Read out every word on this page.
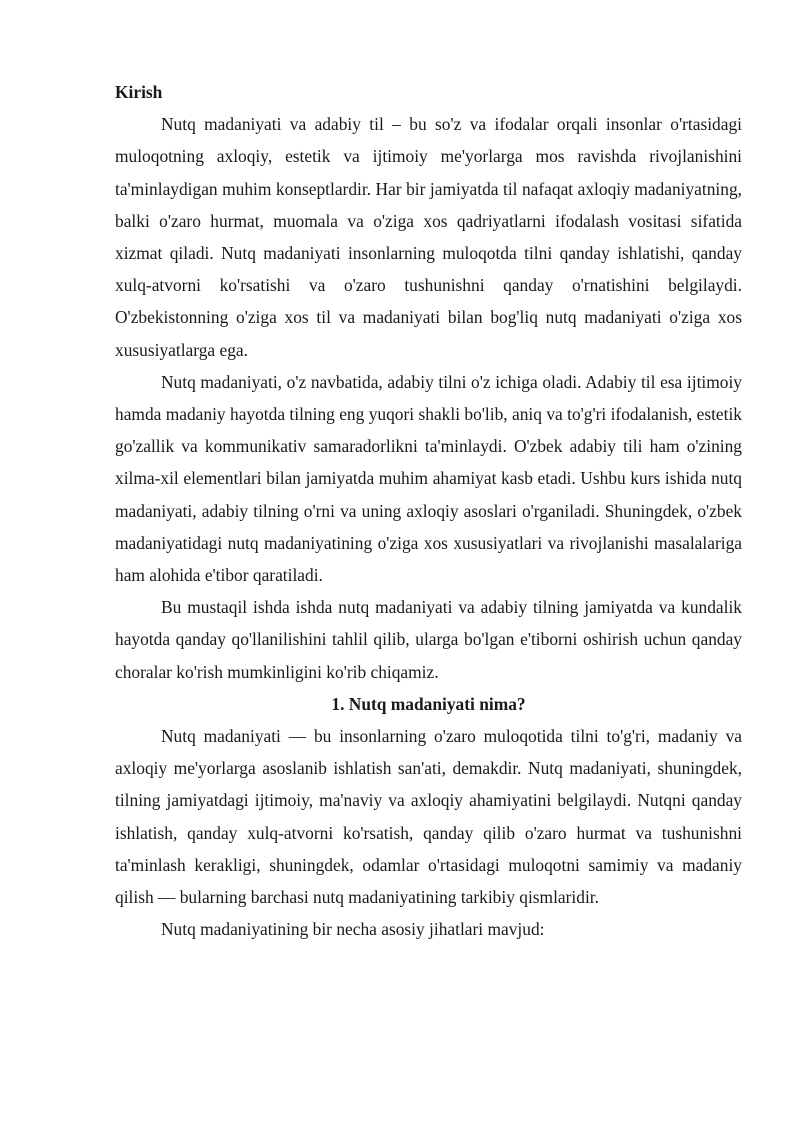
Kirish

Nutq madaniyati va adabiy til – bu so'z va ifodalar orqali insonlar o'rtasidagi muloqotning axloqiy, estetik va ijtimoiy me'yorlarga mos ravishda rivojlanishini ta'minlaydigan muhim konseptlardir. Har bir jamiyatda til nafaqat axloqiy madaniyatning, balki o'zaro hurmat, muomala va o'ziga xos qadriyatlarni ifodalash vositasi sifatida xizmat qiladi. Nutq madaniyati insonlarning muloqotda tilni qanday ishlatishi, qanday xulq-atvorni ko'rsatishi va o'zaro tushunishni qanday o'rnatishini belgilaydi. O'zbekistonning o'ziga xos til va madaniyati bilan bog'liq nutq madaniyati o'ziga xos xususiyatlarga ega.

Nutq madaniyati, o'z navbatida, adabiy tilni o'z ichiga oladi. Adabiy til esa ijtimoiy hamda madaniy hayotda tilning eng yuqori shakli bo'lib, aniq va to'g'ri ifodalanish, estetik go'zallik va kommunikativ samaradorlikni ta'minlaydi. O'zbek adabiy tili ham o'zining xilma-xil elementlari bilan jamiyatda muhim ahamiyat kasb etadi. Ushbu kurs ishida nutq madaniyati, adabiy tilning o'rni va uning axloqiy asoslari o'rganiladi. Shuningdek, o'zbek madaniyatidagi nutq madaniyatining o'ziga xos xususiyatlari va rivojlanishi masalalariga ham alohida e'tibor qaratiladi.

Bu mustaqil ishda ishda nutq madaniyati va adabiy tilning jamiyatda va kundalik hayotda qanday qo'llanilishini tahlil qilib, ularga bo'lgan e'tiborni oshirish uchun qanday choralar ko'rish mumkinligini ko'rib chiqamiz.

1. Nutq madaniyati nima?

Nutq madaniyati — bu insonlarning o'zaro muloqotida tilni to'g'ri, madaniy va axloqiy me'yorlarga asoslanib ishlatish san'ati, demakdir. Nutq madaniyati, shuningdek, tilning jamiyatdagi ijtimoiy, ma'naviy va axloqiy ahamiyatini belgilaydi. Nutqni qanday ishlatish, qanday xulq-atvorni ko'rsatish, qanday qilib o'zaro hurmat va tushunishni ta'minlash kerakligi, shuningdek, odamlar o'rtasidagi muloqotni samimiy va madaniy qilish — bularning barchasi nutq madaniyatining tarkibiy qismlaridir.

Nutq madaniyatining bir necha asosiy jihatlari mavjud:
